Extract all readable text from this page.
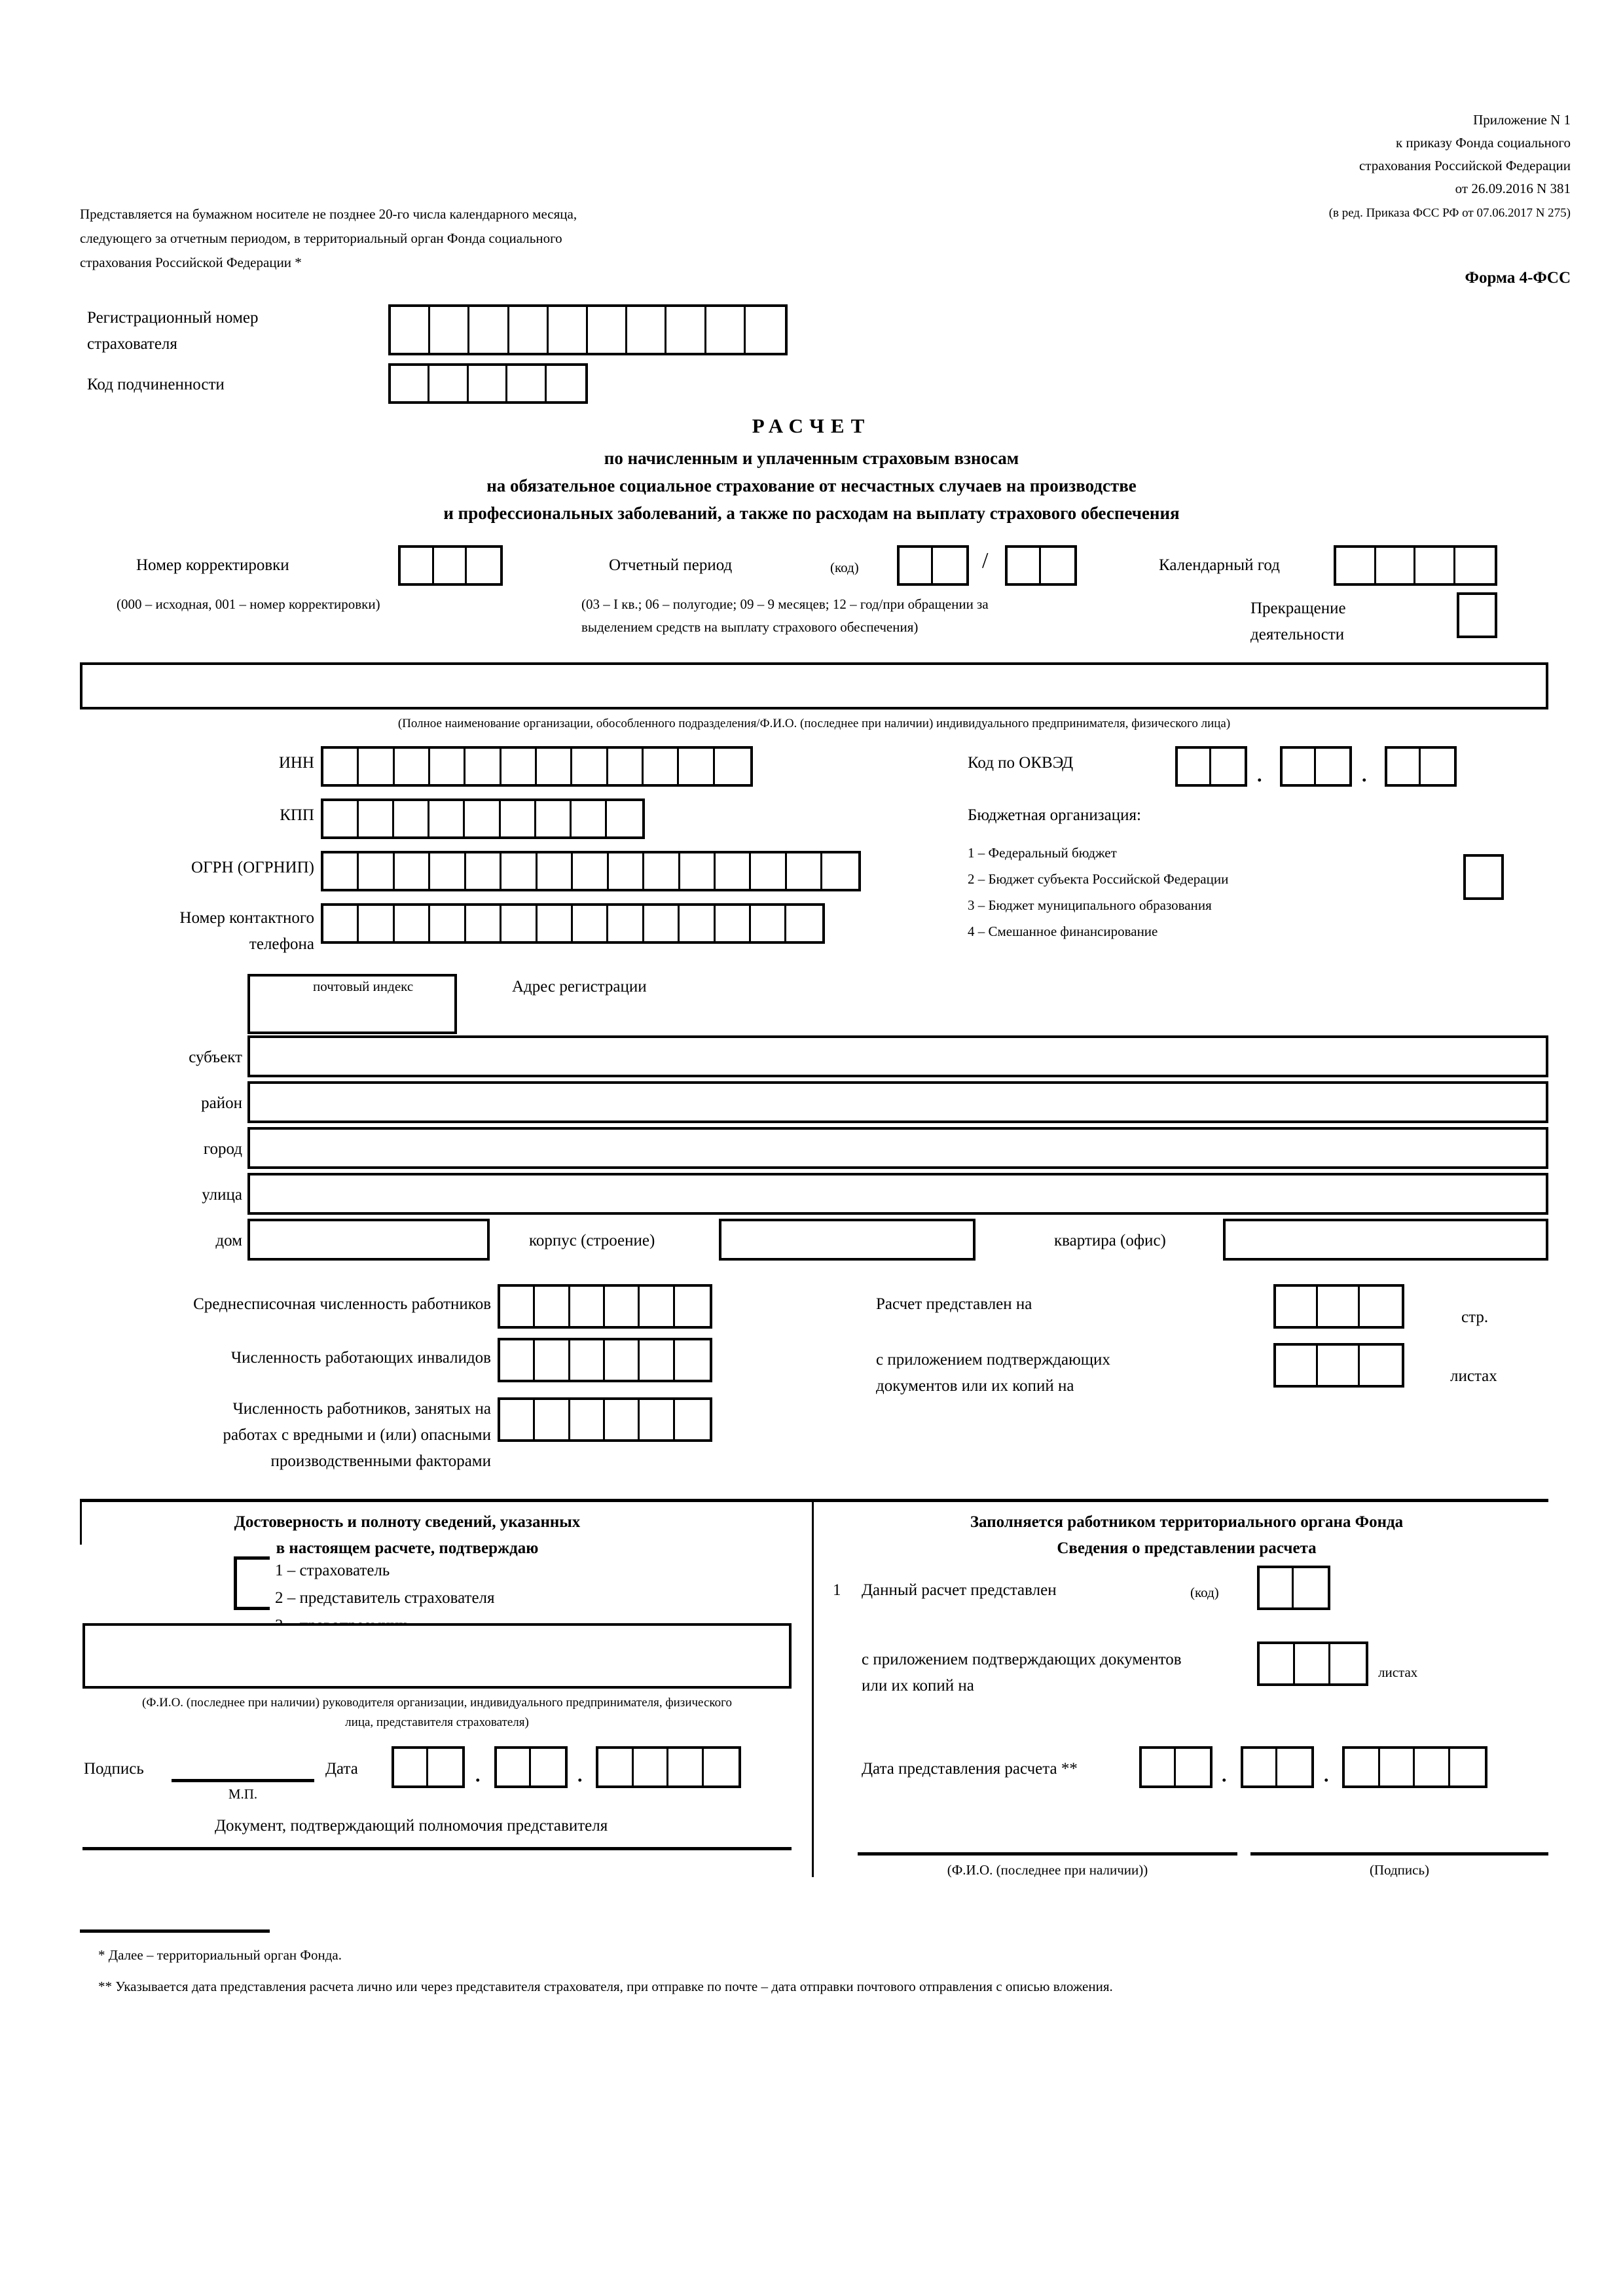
Приложение N 1
к приказу Фонда социального
страхования Российской Федерации
от 26.09.2016 N 381
(в ред. Приказа ФСС РФ от 07.06.2017 N 275)
Представляется на бумажном носителе не позднее 20-го числа календарного месяца,
следующего за отчетным периодом, в территориальный орган Фонда социального
страхования Российской Федерации *
Форма 4-ФСС
Регистрационный номер
страхователя
Код подчиненности
РАСЧЕТ
по начисленным и уплаченным страховым взносам
на обязательное социальное страхование от несчастных случаев на производстве
и профессиональных заболеваний, а также по расходам на выплату страхового обеспечения
Номер корректировки
(000 – исходная, 001 – номер корректировки)
Отчетный период	(код)	/
(03 – I кв.; 06 – полугодие; 09 – 9 месяцев; 12 – год/при обращении за
выделением средств на выплату страхового обеспечения)
Календарный год
Прекращение
деятельности
(Полное наименование организации, обособленного подразделения/Ф.И.О. (последнее при наличии) индивидуального предпринимателя, физического лица)
ИНН
КПП
ОГРН (ОГРНИП)
Номер контактного
телефона
Код по ОКВЭД
.	.
Бюджетная организация:
1 – Федеральный бюджет
2 – Бюджет субъекта Российской Федерации
3 – Бюджет муниципального образования
4 – Смешанное финансирование
почтовый индекс	Адрес регистрации
субъект
район
город
улица
дом	корпус (строение)	квартира (офис)
Среднесписочная численность работников
Численность работающих инвалидов
Численность работников, занятых на
работах с вредными и (или) опасными
производственными факторами
Расчет представлен на
стр.
с приложением подтверждающих
документов или их копий на
листах
Достоверность и полноту сведений, указанных
в настоящем расчете, подтверждаю
1 – страхователь
2 – представитель страхователя
(Ф.И.О. (последнее при наличии) руководителя организации, индивидуального предпринимателя, физического
лица, представителя страхователя)
Подпись
М.П.
Дата	.	.
Документ, подтверждающий полномочия представителя
Заполняется работником территориального органа Фонда
Сведения о представлении расчета
1 Данный расчет представлен	(код)
с приложением подтверждающих документов
или их копий на
листах
Дата представления расчета **	.	.
(Ф.И.О. (последнее при наличии))	(Подпись)
* Далее – территориальный орган Фонда.
** Указывается дата представления расчета лично или через представителя страхователя, при отправке по почте – дата отправки почтового отправления с описью вложения.
